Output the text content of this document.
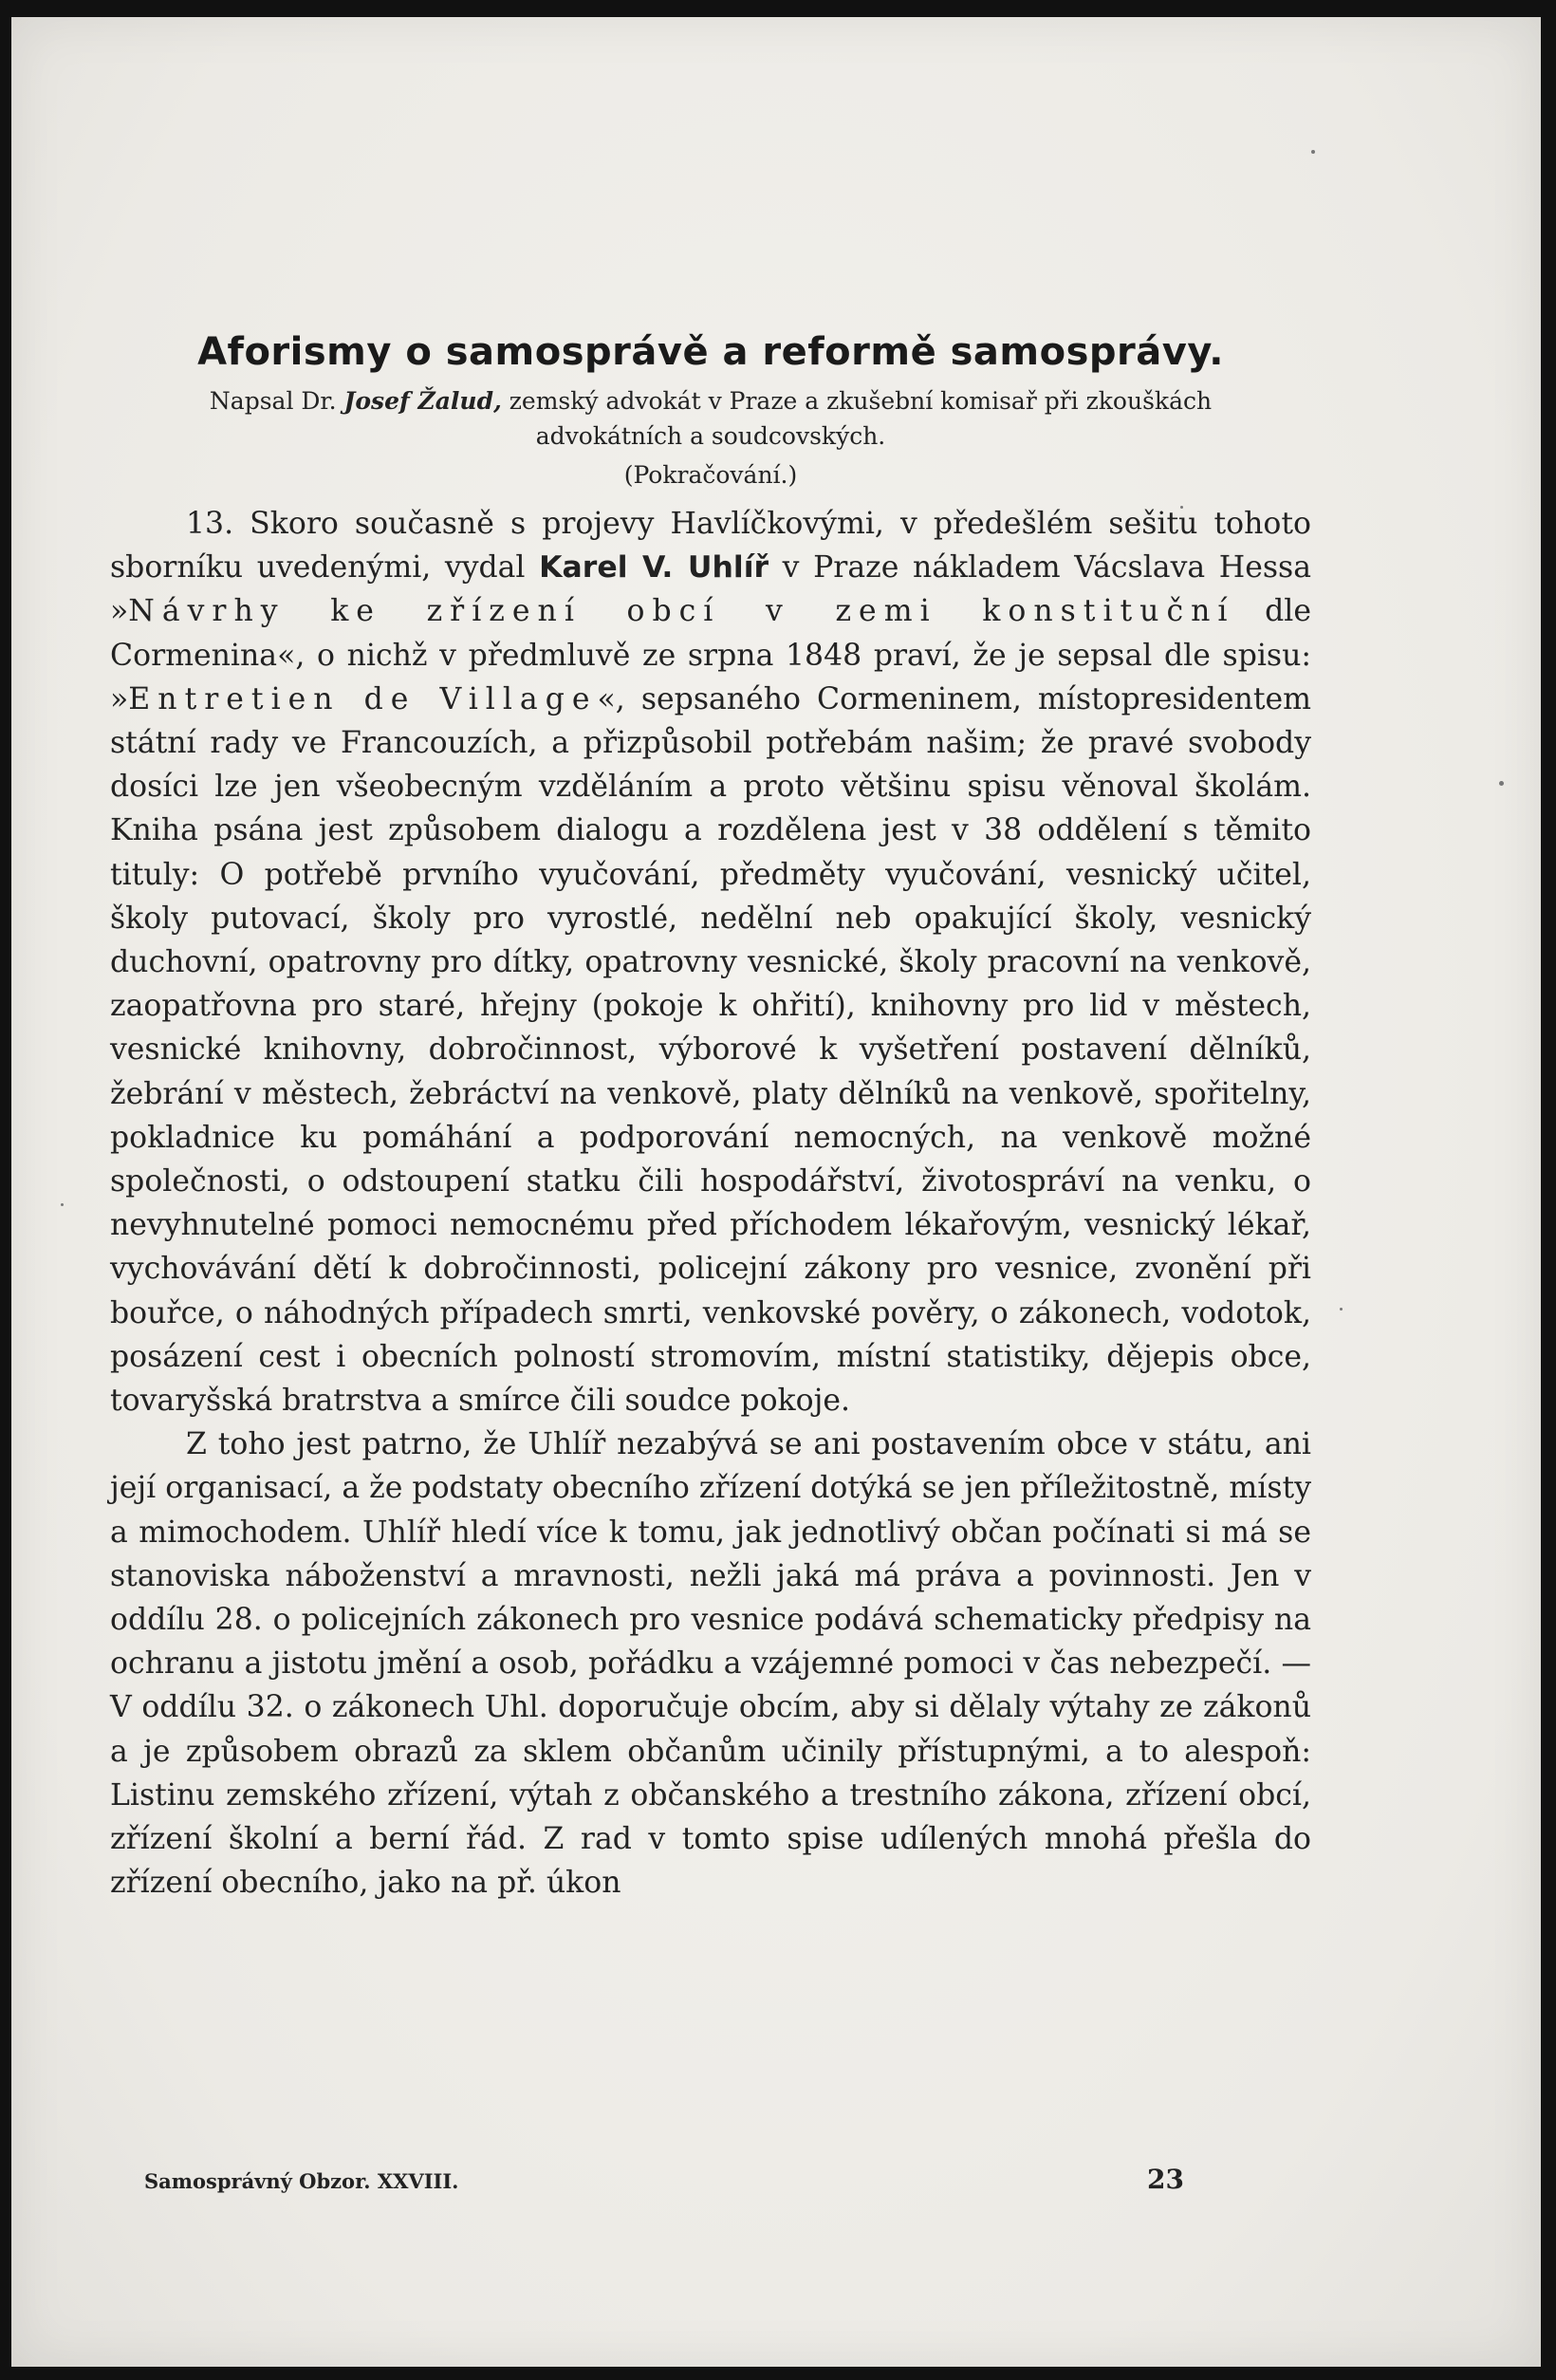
Aforismy o samosprávě a reformě samosprávy.

Napsal Dr. Josef Žalud, zemský advokát v Praze a zkušební komisař při zkouškách advokátních a soudcovských.

(Pokračování.)

13. Skoro současně s projevy Havlíčkovými, v předešlém sešitu tohoto sborníku uvedenými, vydal Karel V. Uhlíř v Praze nákladem Vácslava Hessa »Návrhy ke zřízení obcí v zemi konstituční dle Cormenina«, o nichž v předmluvě ze srpna 1848 praví, že je sepsal dle spisu: »Entretien de Village«, sepsaného Cormeninem, místopresidentem státní rady ve Francouzích, a přizpůsobil potřebám našim; že pravé svobody dosíci lze jen všeobecným vzděláním a proto většinu spisu věnoval školám. Kniha psána jest způsobem dialogu a rozdělena jest v 38 oddělení s těmito tituly: O potřebě prvního vyučování, předměty vyučování, vesnický učitel, školy putovací, školy pro vyrostlé, nedělní neb opakující školy, vesnický duchovní, opatrovny pro dítky, opatrovny vesnické, školy pracovní na venkově, zaopatřovna pro staré, hřejny (pokoje k ohřití), knihovny pro lid v městech, vesnické knihovny, dobročinnost, výborové k vyšetření postavení dělníků, žebrání v městech, žebráctví na venkově, platy dělníků na venkově, spořitelny, pokladnice ku pomáhání a podporování nemocných, na venkově možné společnosti, o odstoupení statku čili hospodářství, životospráví na venku, o nevyhnutelné pomoci nemocnému před příchodem lékařovým, vesnický lékař, vychovávání dětí k dobročinnosti, policejní zákony pro vesnice, zvonění při bouřce, o náhodných případech smrti, venkovské pověry, o zákonech, vodotok, posázení cest i obecních polností stromovím, místní statistiky, dějepis obce, tovaryšská bratrstva a smírce čili soudce pokoje.

Z toho jest patrno, že Uhlíř nezabývá se ani postavením obce v státu, ani její organisací, a že podstaty obecního zřízení dotýká se jen příležitostně, místy a mimochodem. Uhlíř hledí více k tomu, jak jednotlivý občan počínati si má se stanoviska náboženství a mravnosti, nežli jaká má práva a povinnosti. Jen v oddílu 28. o policejních zákonech pro vesnice podává schematicky předpisy na ochranu a jistotu jmění a osob, pořádku a vzájemné pomoci v čas nebezpečí. — V oddílu 32. o zákonech Uhl. doporučuje obcím, aby si dělaly výtahy ze zákonů a je způsobem obrazů za sklem občanům učinily přístupnými, a to alespoň: Listinu zemského zřízení, výtah z občanského a trestního zákona, zřízení obcí, zřízení školní a berní řád. Z rad v tomto spise udílených mnohá přešla do zřízení obecního, jako na př. úkon

Samosprávný Obzor. XXVIII.	23
